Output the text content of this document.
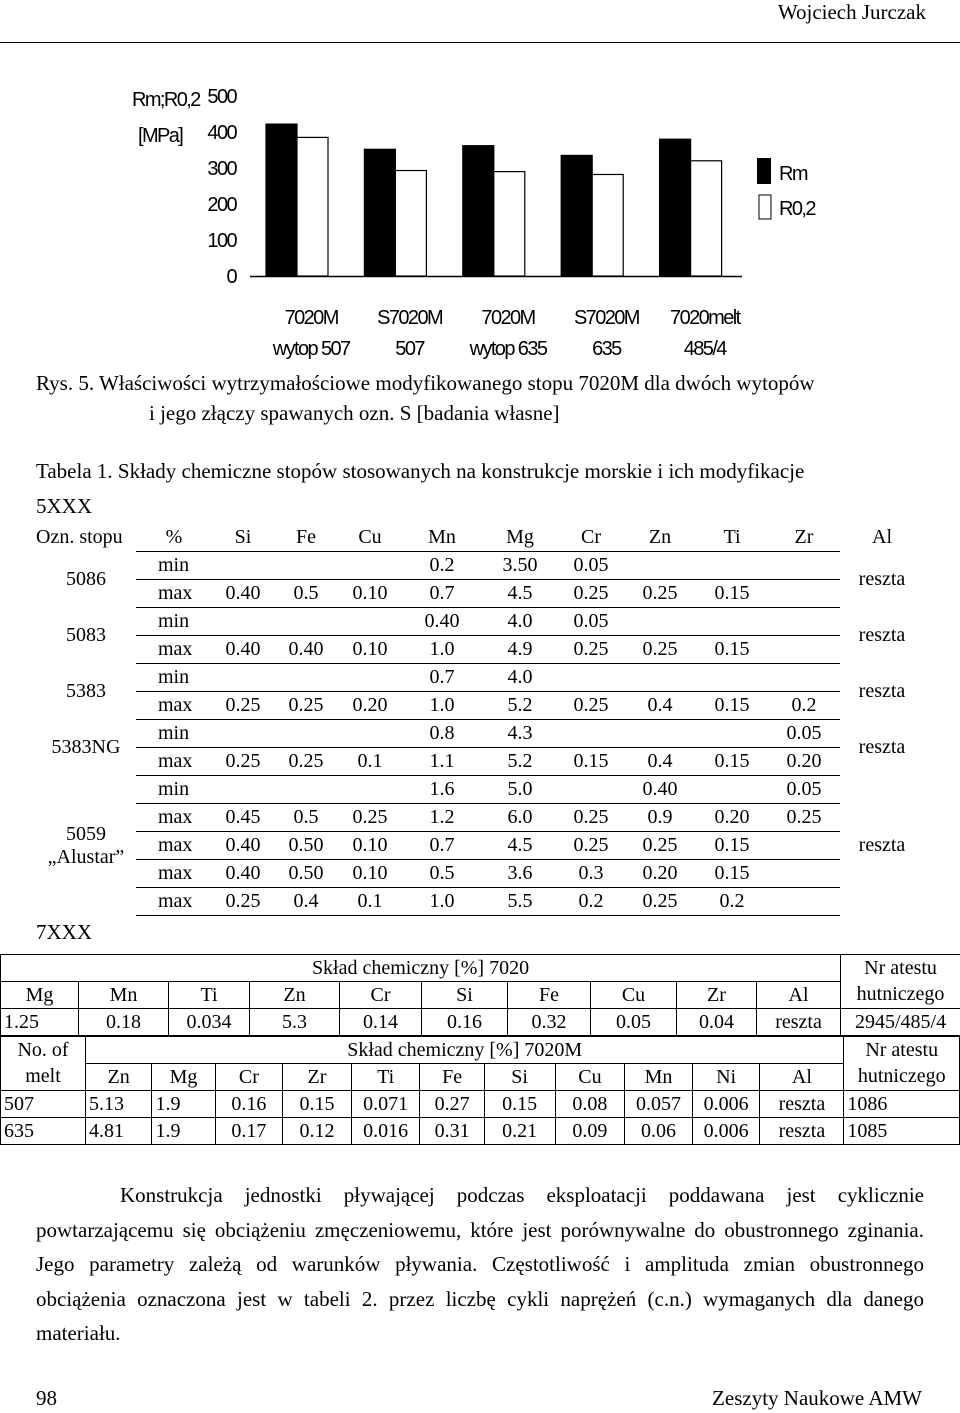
Wojciech Jurczak
Rm;R0,2
[MPa]
500
400
300
200
100
0
7020M
wytop 507
S7020M
507
7020M
wytop 635
S7020M
635
7020melt
485/4
Rm
R0,2
Rys. 5. Właściwości wytrzymałościowe modyfikowanego stopu 7020M dla dwóch wytopów
i jego złączy spawanych ozn. S [badania własne]
Tabela 1. Składy chemiczne stopów stosowanych na konstrukcje morskie i ich modyfikacje
5XXX
Ozn. stopu	%	Si	Fe	Cu	Mn	Mg	Cr	Zn	Ti	Zr	Al

5086	min				0.2	3.50	0.05				reszta
	max	0.40	0.5	0.10	0.7	4.5	0.25	0.25	0.15		

5083	min				0.40	4.0	0.05				reszta
	max	0.40	0.40	0.10	1.0	4.9	0.25	0.25	0.15		

5383	min				0.7	4.0					reszta
	max	0.25	0.25	0.20	1.0	5.2	0.25	0.4	0.15	0.2	

5383NG	min				0.8	4.3				0.05	reszta
	max	0.25	0.25	0.1	1.1	5.2	0.15	0.4	0.15	0.20	

5059
„Alustar”	min				1.6	5.0		0.40		0.05	reszta
	max	0.45	0.5	0.25	1.2	6.0	0.25	0.9	0.20	0.25	
	max	0.40	0.50	0.10	0.7	4.5	0.25	0.25	0.15		
	max	0.40	0.50	0.10	0.5	3.6	0.3	0.20	0.15		
	max	0.25	0.4	0.1	1.0	5.5	0.2	0.25	0.2		
7XXX
Skład chemiczny [%] 7020										Nr atestu
Mg	Mn	Ti	Zn	Cr	Si	Fe	Cu	Zr	Al	hutniczego
1.25	0.18	0.034	5.3	0.14	0.16	0.32	0.05	0.04	reszta	2945/485/4
No. of	Skład chemiczny [%] 7020M											Nr atestu
melt	Zn	Mg	Cr	Zr	Ti	Fe	Si	Cu	Mn	Ni	Al	hutniczego
507	5.13	1.9	0.16	0.15	0.071	0.27	0.15	0.08	0.057	0.006	reszta	1086
635	4.81	1.9	0.17	0.12	0.016	0.31	0.21	0.09	0.06	0.006	reszta	1085
Konstrukcja jednostki pływającej podczas eksploatacji poddawana jest cyklicznie powtarzającemu się obciążeniu zmęczeniowemu, które jest porównywalne do obustronnego zginania. Jego parametry zależą od warunków pływania. Częstotliwość i amplituda zmian obustronnego obciążenia oznaczona jest w tabeli 2. przez liczbę cykli naprężeń (c.n.) wymaganych dla danego materiału.
98	Zeszyty Naukowe AMW
